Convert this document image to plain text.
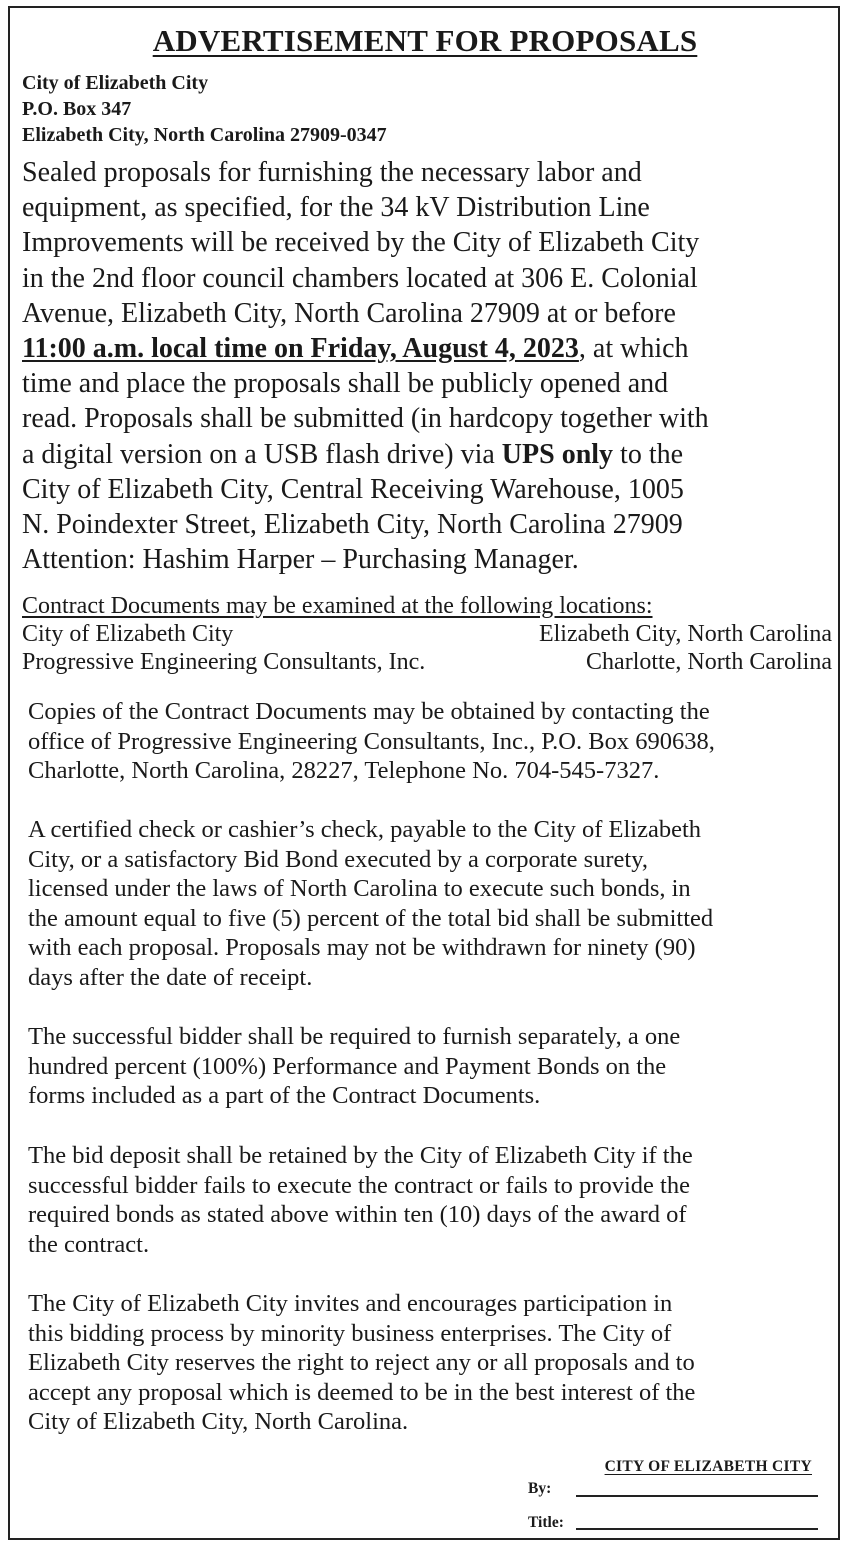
ADVERTISEMENT FOR PROPOSALS
City of Elizabeth City
P.O. Box 347
Elizabeth City, North Carolina 27909-0347
Sealed proposals for furnishing the necessary labor and
equipment, as specified, for the 34 kV Distribution Line
Improvements will be received by the City of Elizabeth City
in the 2nd floor council chambers located at 306 E. Colonial
Avenue, Elizabeth City, North Carolina 27909 at or before
11:00 a.m. local time on Friday, August 4, 2023, at which
time and place the proposals shall be publicly opened and
read. Proposals shall be submitted (in hardcopy together with
a digital version on a USB flash drive) via UPS only to the
City of Elizabeth City, Central Receiving Warehouse, 1005
N. Poindexter Street, Elizabeth City, North Carolina 27909
Attention: Hashim Harper – Purchasing Manager.
Contract Documents may be examined at the following locations:
City of Elizabeth City	Elizabeth City, North Carolina
Progressive Engineering Consultants, Inc.	Charlotte, North Carolina
Copies of the Contract Documents may be obtained by contacting the
office of Progressive Engineering Consultants, Inc., P.O. Box 690638,
Charlotte, North Carolina, 28227, Telephone No. 704-545-7327.
A certified check or cashier’s check, payable to the City of Elizabeth
City, or a satisfactory Bid Bond executed by a corporate surety,
licensed under the laws of North Carolina to execute such bonds, in
the amount equal to five (5) percent of the total bid shall be submitted
with each proposal. Proposals may not be withdrawn for ninety (90)
days after the date of receipt.
The successful bidder shall be required to furnish separately, a one
hundred percent (100%) Performance and Payment Bonds on the
forms included as a part of the Contract Documents.
The bid deposit shall be retained by the City of Elizabeth City if the
successful bidder fails to execute the contract or fails to provide the
required bonds as stated above within ten (10) days of the award of
the contract.
The City of Elizabeth City invites and encourages participation in
this bidding process by minority business enterprises. The City of
Elizabeth City reserves the right to reject any or all proposals and to
accept any proposal which is deemed to be in the best interest of the
City of Elizabeth City, North Carolina.
CITY OF ELIZABETH CITY
By:
Title:
